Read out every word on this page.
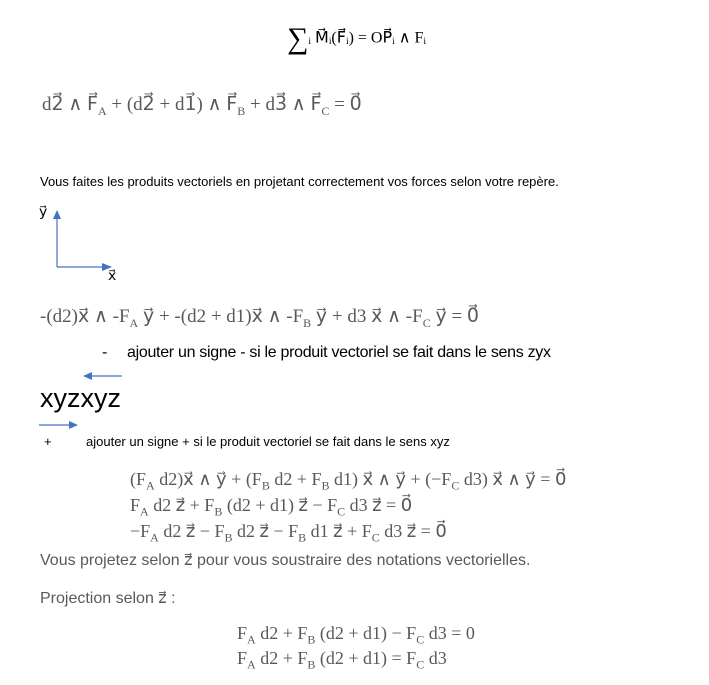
∑ᵢ M⃗ᵢ(F⃗ᵢ) = OP⃗ᵢ ∧ Fᵢ
d2⃗ ∧ $F⃗_A$ + (d2⃗ + d1⃗) ∧ $F⃗_B$ + d3⃗ ∧ $F⃗_C$ = 0⃗
Vous faites les produits vectoriels en projetant correctement vos forces selon votre repère.
y⃗
x⃗
-(d2)x⃗ ∧ $-F_A$ y⃗ + -(d2 + d1)x⃗ ∧ $-F_B$ y⃗ + d3 x⃗ ∧ $-F_C$ y⃗ = 0⃗
- ajouter un signe - si le produit vectoriel se fait dans le sens zyx
xyzxyz
+	ajouter un signe + si le produit vectoriel se fait dans le sens xyz
($F_A$ d2)x⃗ ∧ y⃗ + ($F_B$ $d2 + F_B$ d1) x⃗ ∧ y⃗ + ($-F_C$ d3) x⃗ ∧ y⃗ = 0⃗
$F_A$ d2 z⃗ + $F_B$ (d2 + d1) z⃗ − $F_C$ d3 z⃗ = 0⃗
$-F_A$ d2 z⃗ − $F_B$ d2 z⃗ − $F_B$ d1 z⃗ + $F_C$ d3 z⃗ = 0⃗
Vous projetez selon z⃗ pour vous soustraire des notations vectorielles.
Projection selon z⃗ :
$F_A$ $d2 + F_B$ $(d2 + d1) - F_C$ d3 = 0
$F_A$ $d2 + F_B$ $(d2 + d1) = F_C$ d3
